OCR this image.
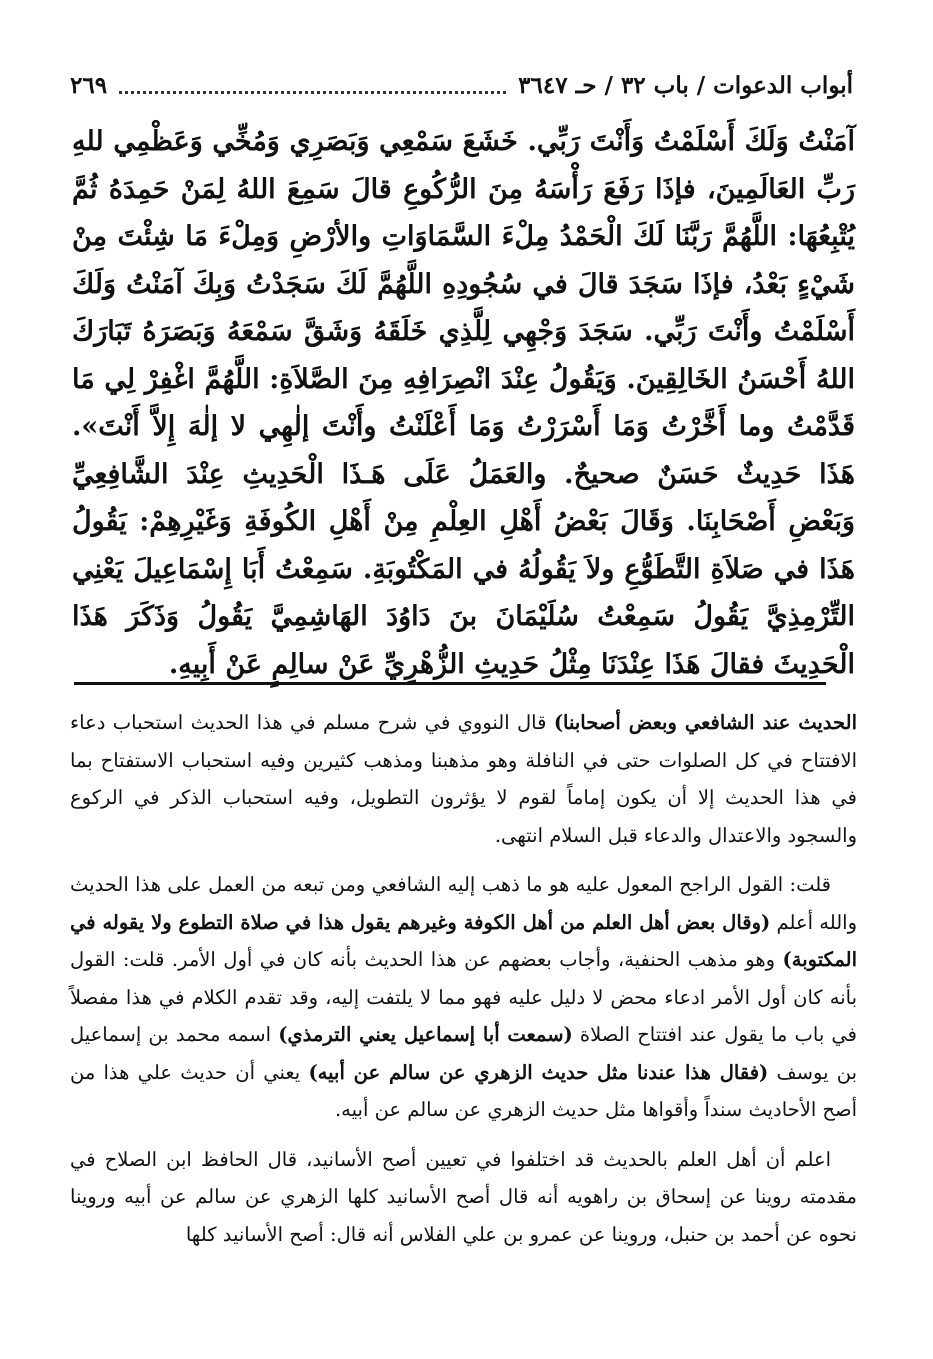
أبواب الدعوات / باب ٣٢ / حـ ٣٦٤٧
٢٦٩

آمَنْتُ وَلَكَ أَسْلَمْتُ وَأَنْتَ رَبِّي. خَشَعَ سَمْعِي وَبَصَرِي وَمُخِّي وَعَظْمِي للهِ رَبِّ العَالَمِينَ، فإذَا رَفَعَ رَأْسَهُ مِنَ الرُّكُوعِ قالَ سَمِعَ اللهُ لِمَنْ حَمِدَهُ ثُمَّ يُتْبِعُهَا: اللَّهُمَّ رَبَّنَا لَكَ الْحَمْدُ مِلْءَ السَّمَاوَاتِ والأرْضِ وَمِلْءَ مَا شِئْتَ مِنْ شَيْءٍ بَعْدُ، فإذَا سَجَدَ قالَ في سُجُودِهِ اللَّهُمَّ لَكَ سَجَدْتُ وَبِكَ آمَنْتُ وَلَكَ أَسْلَمْتُ وأَنْتَ رَبِّي. سَجَدَ وَجْهِي لِلَّذِي خَلَقَهُ وَشَقَّ سَمْعَهُ وَبَصَرَهُ تَبَارَكَ اللهُ أَحْسَنُ الخَالِقِينَ. وَيَقُولُ عِنْدَ انْصِرَافِهِ مِنَ الصَّلاَةِ: اللَّهُمَّ اغْفِرْ لِي مَا قَدَّمْتُ وما أَخَّرْتُ وَمَا أَسْرَرْتُ وَمَا أَعْلَنْتُ وأَنْتَ إلٰهِي لا إلٰهَ إِلاَّ أَنْتَ». هَذَا حَدِيثٌ حَسَنٌ صحيحٌ. والعَمَلُ عَلَى هَـذَا الْحَدِيثِ عِنْدَ الشَّافِعِيِّ وَبَعْضِ أَصْحَابِنَا. وَقَالَ بَعْضُ أَهْلِ العِلْمِ مِنْ أَهْلِ الكُوفَةِ وَغَيْرِهِمْ: يَقُولُ هَذَا في صَلاَةِ التَّطَوُّعِ ولاَ يَقُولُهُ في المَكْتُوبَةِ. سَمِعْتُ أَبَا إِسْمَاعِيلَ يَعْنِي التِّرْمِذِيَّ يَقُولُ سَمِعْتُ سُلَيْمَانَ بنَ دَاوُدَ الهَاشِمِيَّ يَقُولُ وَذَكَرَ هَذَا الْحَدِيثَ فقالَ هَذَا عِنْدَنَا مِثْلُ حَدِيثِ الزُّهْرِيِّ عَنْ سالِمٍ عَنْ أَبِيهِ.

الحديث عند الشافعي وبعض أصحابنا) قال النووي في شرح مسلم في هذا الحديث استحباب دعاء الافتتاح في كل الصلوات حتى في النافلة وهو مذهبنا ومذهب كثيرين وفيه استحباب الاستفتاح بما في هذا الحديث إلا أن يكون إماماً لقوم لا يؤثرون التطويل، وفيه استحباب الذكر في الركوع والسجود والاعتدال والدعاء قبل السلام انتهى.

قلت: القول الراجح المعول عليه هو ما ذهب إليه الشافعي ومن تبعه من العمل على هذا الحديث والله أعلم (وقال بعض أهل العلم من أهل الكوفة وغيرهم يقول هذا في صلاة التطوع ولا يقوله في المكتوبة) وهو مذهب الحنفية، وأجاب بعضهم عن هذا الحديث بأنه كان في أول الأمر. قلت: القول بأنه كان أول الأمر ادعاء محض لا دليل عليه فهو مما لا يلتفت إليه، وقد تقدم الكلام في هذا مفصلاً في باب ما يقول عند افتتاح الصلاة (سمعت أبا إسماعيل يعني الترمذي) اسمه محمد بن إسماعيل بن يوسف (فقال هذا عندنا مثل حديث الزهري عن سالم عن أبيه) يعني أن حديث علي هذا من أصح الأحاديث سنداً وأقواها مثل حديث الزهري عن سالم عن أبيه.

اعلم أن أهل العلم بالحديث قد اختلفوا في تعيين أصح الأسانيد، قال الحافظ ابن الصلاح في مقدمته روينا عن إسحاق بن راهويه أنه قال أصح الأسانيد كلها الزهري عن سالم عن أبيه وروينا نحوه عن أحمد بن حنبل، وروينا عن عمرو بن علي الفلاس أنه قال: أصح الأسانيد كلها
